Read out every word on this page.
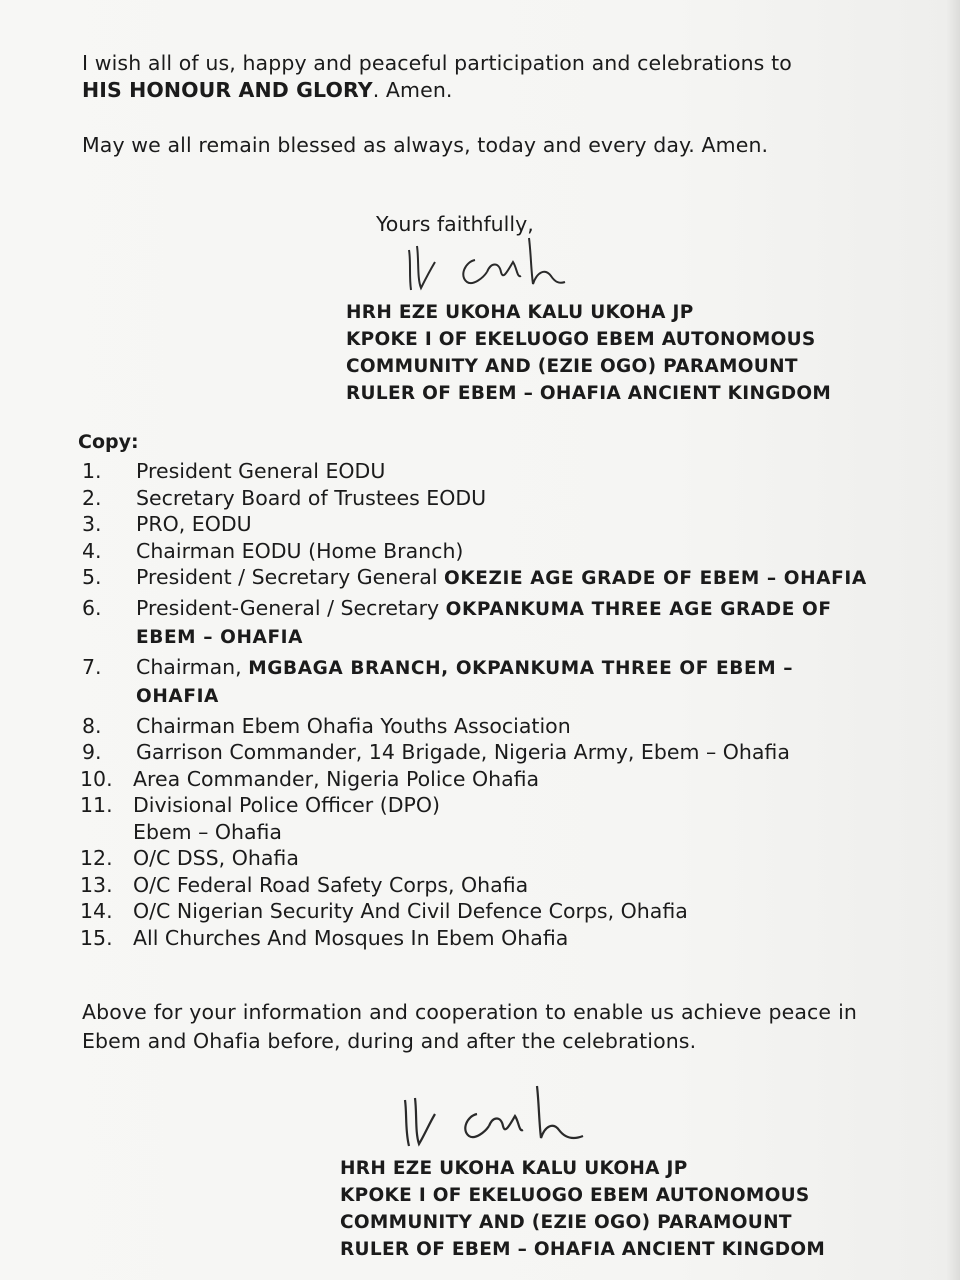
I wish all of us, happy and peaceful participation and celebrations to
HIS HONOUR AND GLORY. Amen.
May we all remain blessed as always, today and every day. Amen.
Yours faithfully,
HRH EZE UKOHA KALU UKOHA JP
KPOKE I OF EKELUOGO EBEM AUTONOMOUS
COMMUNITY AND (EZIE OGO) PARAMOUNT
RULER OF EBEM – OHAFIA ANCIENT KINGDOM
Copy:
1. President General EODU
2. Secretary Board of Trustees EODU
3. PRO, EODU
4. Chairman EODU (Home Branch)
5. President / Secretary General OKEZIE AGE GRADE OF EBEM – OHAFIA
6. President-General / Secretary OKPANKUMA THREE AGE GRADE OF EBEM – OHAFIA
7. Chairman, MGBAGA BRANCH, OKPANKUMA THREE OF EBEM – OHAFIA
8. Chairman Ebem Ohafia Youths Association
9. Garrison Commander, 14 Brigade, Nigeria Army, Ebem – Ohafia
10. Area Commander, Nigeria Police Ohafia
11. Divisional Police Officer (DPO)
Ebem – Ohafia
12. O/C DSS, Ohafia
13. O/C Federal Road Safety Corps, Ohafia
14. O/C Nigerian Security And Civil Defence Corps, Ohafia
15. All Churches And Mosques In Ebem Ohafia
Above for your information and cooperation to enable us achieve peace in Ebem and Ohafia before, during and after the celebrations.
HRH EZE UKOHA KALU UKOHA JP
KPOKE I OF EKELUOGO EBEM AUTONOMOUS
COMMUNITY AND (EZIE OGO) PARAMOUNT
RULER OF EBEM – OHAFIA ANCIENT KINGDOM
